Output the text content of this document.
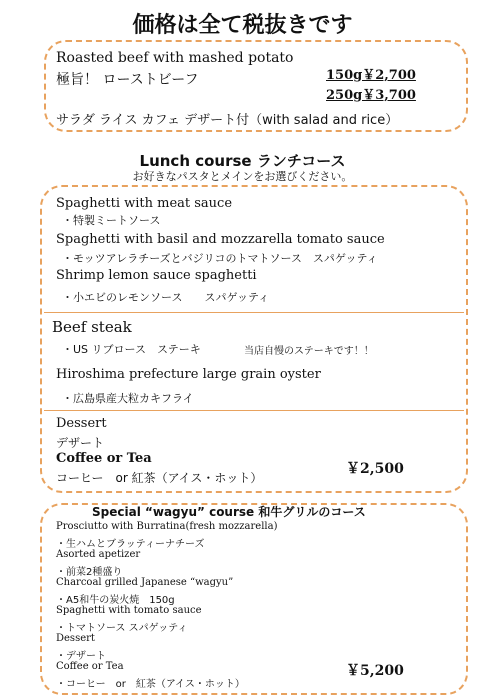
価格は全て税抜きです
Roasted beef with mashed potato
極旨！ ローストビーフ	150g￥2,700
250g￥3,700
サラダ ライス カフェ デザート付（with salad and rice）
Lunch course ランチコース
お好きなパスタとメインをお選びください。
Spaghetti with meat sauce
・特製ミートソース
Spaghetti with basil and mozzarella tomato sauce
・モッツアレラチーズとバジリコのトマトソース　スパゲッティ
Shrimp lemon sauce spaghetti
・小エビのレモンソース　　スパゲッティ
Beef steak
・US リブロース　ステーキ	当店自慢のステーキです！！
Hiroshima prefecture large grain oyster
・広島県産大粒カキフライ
Dessert
デザート
Coffee or Tea
コーヒー　or 紅茶（アイス・ホット）
￥2,500
Special “wagyu” course 和牛グリルのコース
Prosciutto with Burratina(fresh mozzarella)
・生ハムとブラッティーナチーズ
Asorted apetizer
・前菜2種盛り
Charcoal grilled Japanese “wagyu”
・A5和牛の炭火焼　150g
Spaghetti with tomato sauce
・トマトソース スパゲッティ
Dessert
・デザート
Coffee or Tea
・コーヒー　or　紅茶（アイス・ホット）
￥5,200
